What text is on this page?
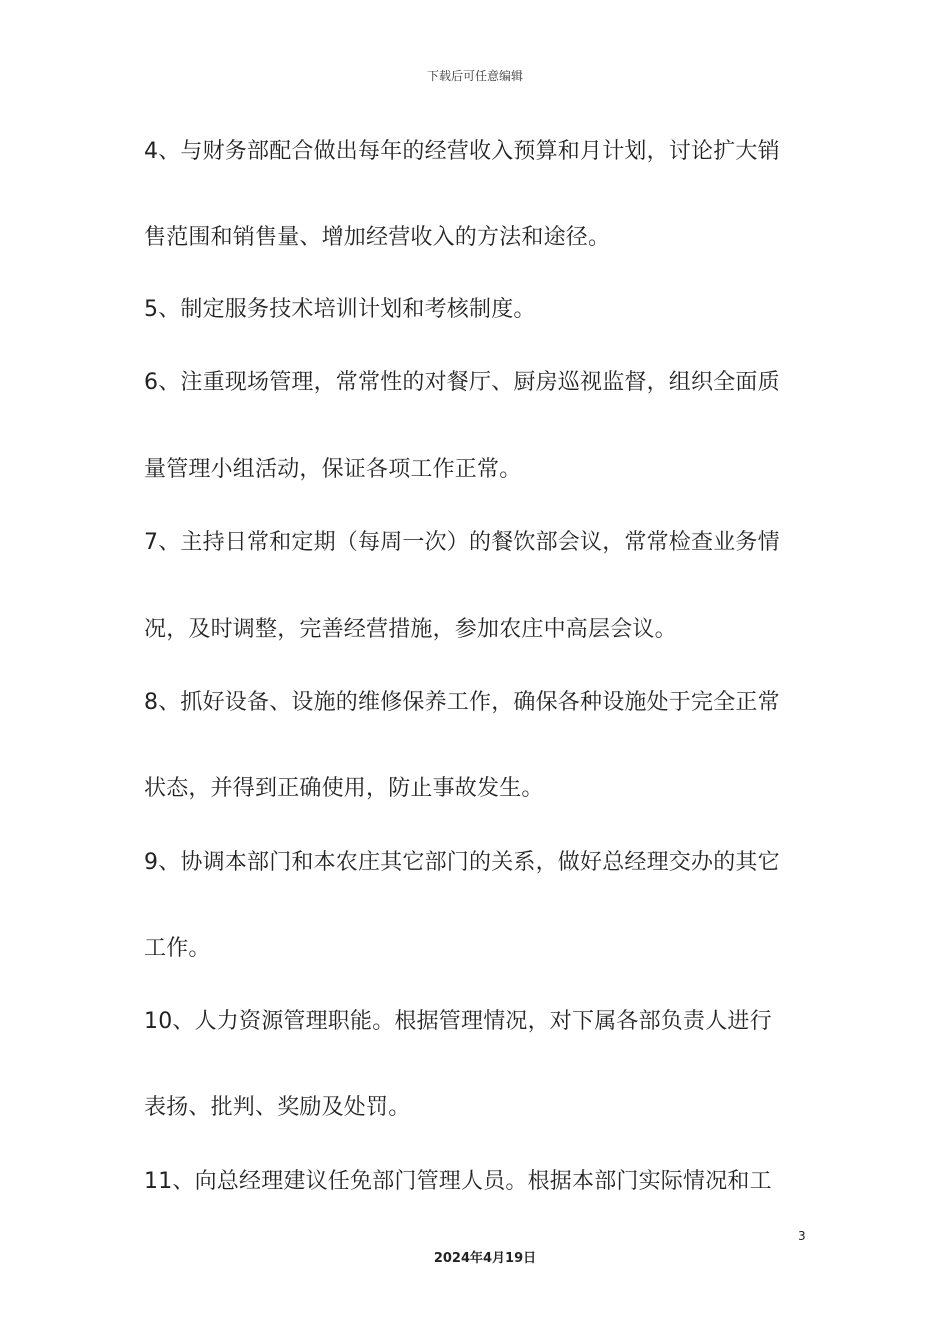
下载后可任意编辑
4、与财务部配合做出每年的经营收入预算和月计划，讨论扩大销
售范围和销售量、增加经营收入的方法和途径。
5、制定服务技术培训计划和考核制度。
6、注重现场管理，常常性的对餐厅、厨房巡视监督，组织全面质
量管理小组活动，保证各项工作正常。
7、主持日常和定期（每周一次）的餐饮部会议，常常检查业务情
况，及时调整，完善经营措施，参加农庄中高层会议。
8、抓好设备、设施的维修保养工作，确保各种设施处于完全正常
状态，并得到正确使用，防止事故发生。
9、协调本部门和本农庄其它部门的关系，做好总经理交办的其它
工作。
10、人力资源管理职能。根据管理情况，对下属各部负责人进行
表扬、批判、奖励及处罚。
11、向总经理建议任免部门管理人员。根据本部门实际情况和工
3
2024年4月19日
